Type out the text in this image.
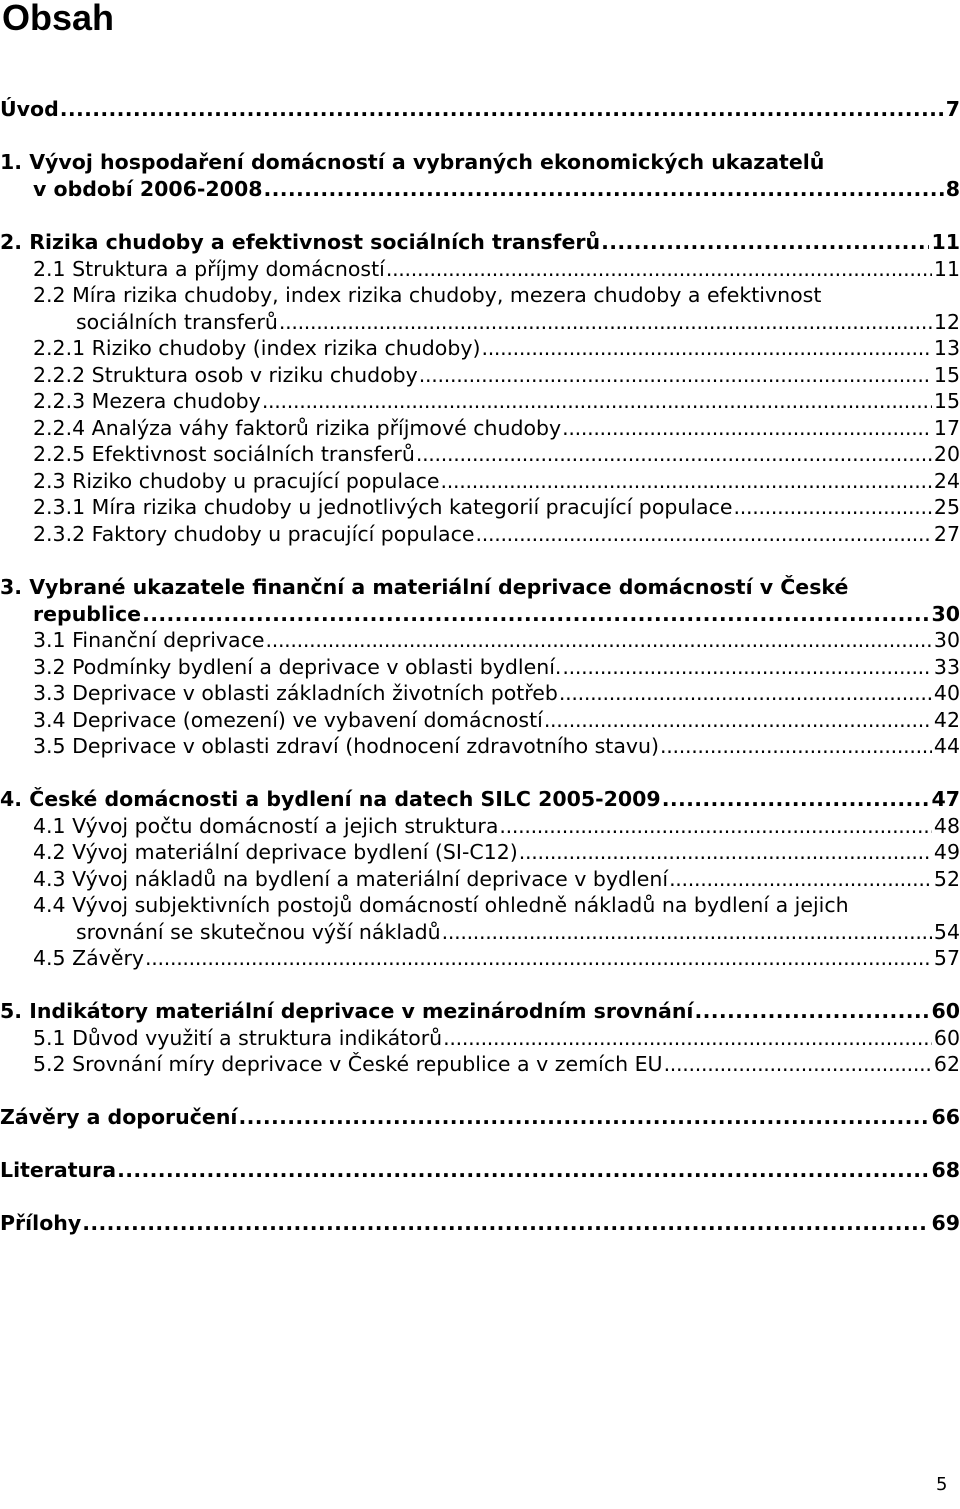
Obsah
Úvod . . .	7
1. Vývoj hospodaření domácností a vybraných ekonomických ukazatelů
v období 2006-2008 . . .	8
2. Rizika chudoby a efektivnost sociálních transferů . . .	11
2.1 Struktura a příjmy domácností . . .	11
2.2 Míra rizika chudoby, index rizika chudoby, mezera chudoby a efektivnost
sociálních transferů . . .	12
2.2.1 Riziko chudoby (index rizika chudoby) . . .	13
2.2.2 Struktura osob v riziku chudoby . . .	15
2.2.3 Mezera chudoby . . .	15
2.2.4 Analýza váhy faktorů rizika příjmové chudoby . . .	17
2.2.5 Efektivnost sociálních transferů . . .	20
2.3 Riziko chudoby u pracující populace . . .	24
2.3.1 Míra rizika chudoby u jednotlivých kategorií pracující populace . . .	25
2.3.2 Faktory chudoby u pracující populace . . .	27
3. Vybrané ukazatele finanční a materiální deprivace domácností v České
republice . . .	30
3.1 Finanční deprivace . . .	30
3.2 Podmínky bydlení a deprivace v oblasti bydlení. . . .	33
3.3 Deprivace v oblasti základních životních potřeb . . .	40
3.4 Deprivace (omezení) ve vybavení domácností . . .	42
3.5 Deprivace v oblasti zdraví (hodnocení zdravotního stavu) . . .	44
4. České domácnosti a bydlení na datech SILC 2005-2009 . . .	47
4.1 Vývoj počtu domácností a jejich struktura . . .	48
4.2 Vývoj materiální deprivace bydlení (SI-C12) . . .	49
4.3 Vývoj nákladů na bydlení a materiální deprivace v bydlení . . .	52
4.4 Vývoj subjektivních postojů domácností ohledně nákladů na bydlení a jejich
srovnání se skutečnou výší nákladů . . .	54
4.5 Závěry . . .	57
5. Indikátory materiální deprivace v mezinárodním srovnání . . .	60
5.1 Důvod využití a struktura indikátorů . . .	60
5.2 Srovnání míry deprivace v České republice a v zemích EU . . .	62
Závěry a doporučení . . .	66
Literatura . . .	68
Přílohy . . .	69
5
